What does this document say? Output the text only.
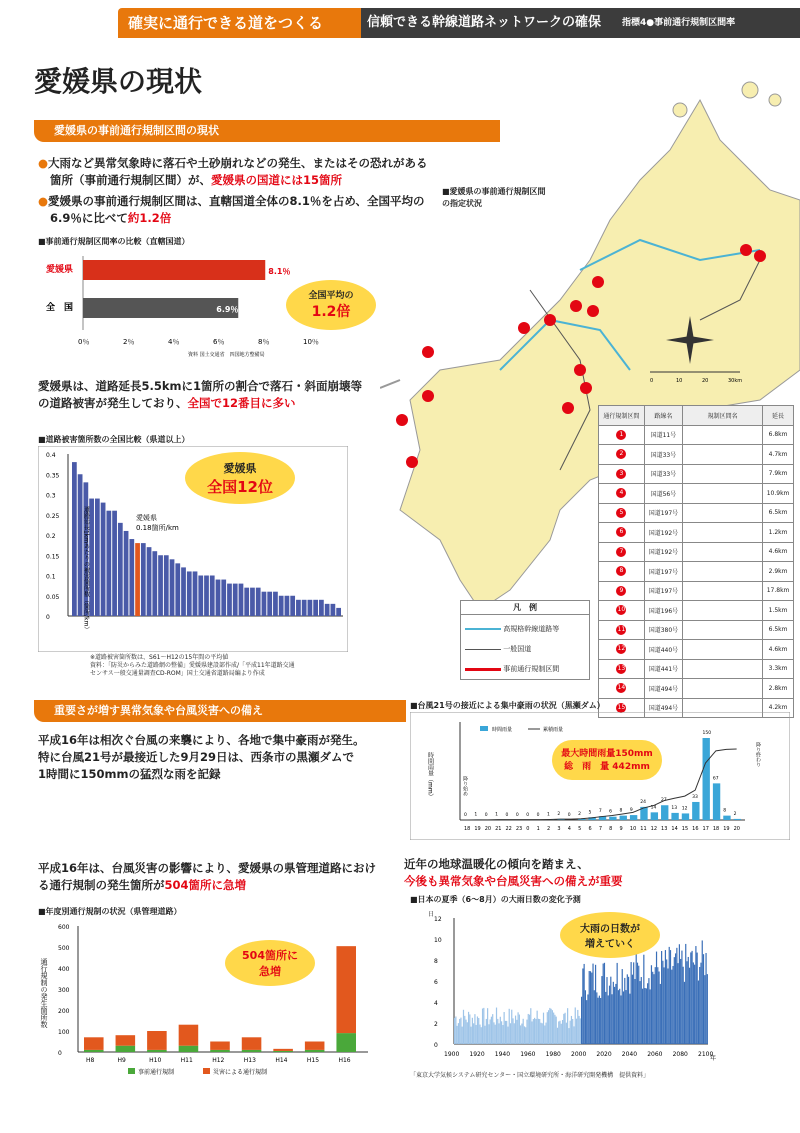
確実に通行できる道をつくる	信頼できる幹線道路ネットワークの確保	指標4●事前通行規制区間率
愛媛県の現状
■愛媛県の事前通行規制区間
の指定状況
0	10	20	30km
通行規制区間	路線名	規制区間名	延長
1	国道11号		6.8km
2	国道33号		4.7km
3	国道33号		7.9km
4	国道56号		10.9km
5	国道197号		6.5km
6	国道192号		1.2km
7	国道192号		4.6km
8	国道197号		2.9km
9	国道197号		17.8km
10	国道196号		1.5km
11	国道380号		6.5km
12	国道440号		4.6km
13	国道441号		3.3km
14	国道494号		2.8km
15	国道494号		4.2km
凡　例
高規格幹線道路等
一般国道
事前通行規制区間
愛媛県の事前通行規制区間の現状
●大雨など異常気象時に落石や土砂崩れなどの発生、またはその恐れがある
箇所（事前通行規制区間）が、愛媛県の国道には15箇所
●愛媛県の事前通行規制区間は、直轄国道全体の8.1％を占め、全国平均の
6.9％に比べて約1.2倍
■事前通行規制区間率の比較（直轄国道）
愛媛県
全　国
8.1％
6.9％
0％	2％	4％	6％	8％	10％
資料 国土交通省　四国地方整備局
全国平均の
1.2倍
愛媛県は、道路延長5.5kmに1箇所の割合で落石・斜面崩壊等
の道路被害が発生しており、全国で12番目に多い
■道路被害箇所数の全国比較（県道以上）
0.4
0.35
0.3
0.25
0.2
0.15
0.1
0.05
0
愛媛県
0.18箇所/km
道路延長1kmあたりの被害箇所数（箇所/km）
愛媛県
全国12位
※道路被害箇所数は、S61〜H12の15年間の平均値
資料：「防災からみた道路網の整備」愛媛県建設部作成/「平成11年道路交通
センサス一般交通量調査CD-ROM」国土交通省道路局編より作成
重要さが増す異常気象や台風災害への備え
平成16年は相次ぐ台風の来襲により、各地で集中豪雨が発生。
特に台風21号が最接近した9月29日は、西条市の黒瀬ダムで
1時間に150mmの猛烈な雨を記録
■台風21号の接近による集中豪雨の状況（黒瀬ダム）
時間雨量	累積雨量
0
18
1
19
0
20
1
21
0
22
0
23
0
0
0
1
1
2
2
3
0
4
2
5
5
6
7
7
6
8
8
9
9
10
24
11
14
12
27
13
13
14
12
15
33
16
150
17
67
18
8
19
2
20
時間雨量（mm）	降り始め
降り終わり
最大時間雨量150mm
総　雨　量 442mm
平成16年は、台風災害の影響により、愛媛県の県管理道路におけ
る通行規制の発生箇所が504箇所に急増
■年度別通行規制の状況（県管理道路）
600
500
400
300
200
100
0
H8	H9	H10	H11	H12	H13	H14	H15	H16
通行規制の発生箇所数
事前通行規制	災害による通行規制
504箇所に
急増
近年の地球温暖化の傾向を踏まえ、
今後も異常気象や台風災害への備えが重要
■日本の夏季（6〜8月）の大雨日数の変化予測
日
年
12
10
8
6
4
2
0
1900 1920 1940 1960 1980 2000 2020 2040 2060 2080 2100
大雨の日数が
増えていく
「東京大学気候システム研究センター・国立環境研究所・海洋研究開発機構　提供資料」
